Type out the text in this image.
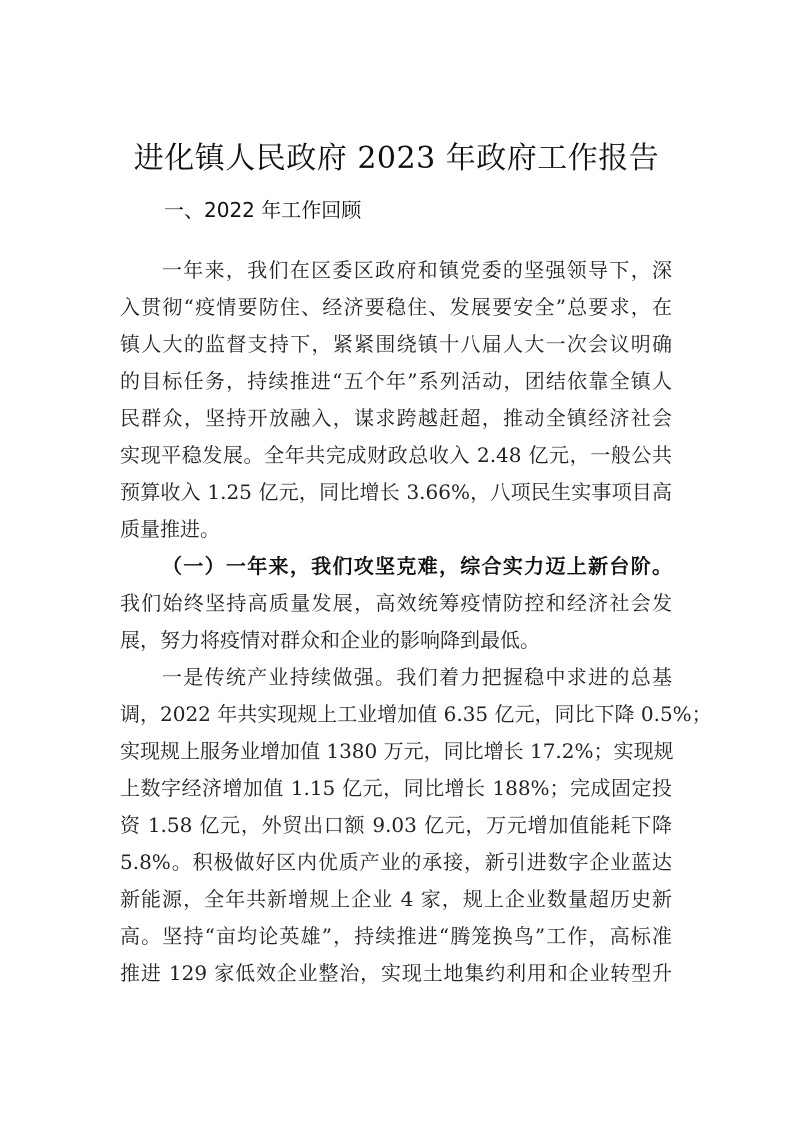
进化镇人民政府 2023 年政府工作报告
一、2022 年工作回顾
一年来，我们在区委区政府和镇党委的坚强领导下，深
入贯彻“疫情要防住、经济要稳住、发展要安全”总要求，在
镇人大的监督支持下，紧紧围绕镇十八届人大一次会议明确
的目标任务，持续推进“五个年”系列活动，团结依靠全镇人
民群众，坚持开放融入，谋求跨越赶超，推动全镇经济社会
实现平稳发展。全年共完成财政总收入 2.48 亿元，一般公共
预算收入 1.25 亿元，同比增长 3.66%，八项民生实事项目高
质量推进。
（一）一年来，我们攻坚克难，综合实力迈上新台阶。
我们始终坚持高质量发展，高效统筹疫情防控和经济社会发
展，努力将疫情对群众和企业的影响降到最低。
一是传统产业持续做强。我们着力把握稳中求进的总基
调，2022 年共实现规上工业增加值 6.35 亿元，同比下降 0.5%；
实现规上服务业增加值 1380 万元，同比增长 17.2%；实现规
上数字经济增加值 1.15 亿元，同比增长 188%；完成固定投
资 1.58 亿元，外贸出口额 9.03 亿元，万元增加值能耗下降
5.8%。积极做好区内优质产业的承接，新引进数字企业蓝达
新能源，全年共新增规上企业 4 家，规上企业数量超历史新
高。坚持“亩均论英雄”，持续推进“腾笼换鸟”工作，高标准
推进 129 家低效企业整治，实现土地集约利用和企业转型升
